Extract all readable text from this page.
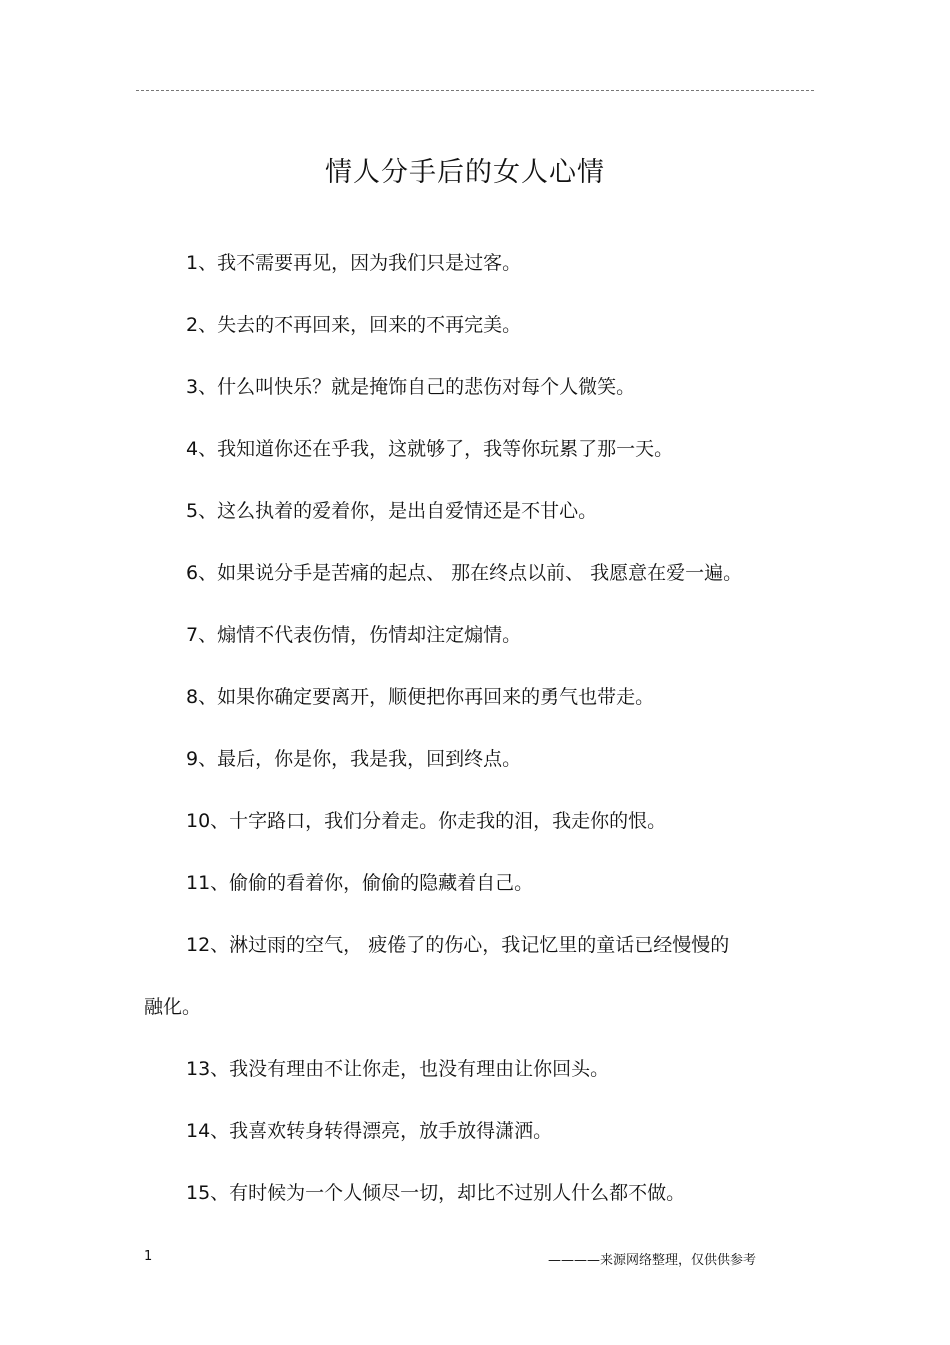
情人分手后的女人心情
1、我不需要再见，因为我们只是过客。
2、失去的不再回来，回来的不再完美。
3、什么叫快乐？就是掩饰自己的悲伤对每个人微笑。
4、我知道你还在乎我，这就够了，我等你玩累了那一天。
5、这么执着的爱着你，是出自爱情还是不甘心。
6、如果说分手是苦痛的起点、 那在终点以前、 我愿意在爱一遍。
7、煽情不代表伤情，伤情却注定煽情。
8、如果你确定要离开，顺便把你再回来的勇气也带走。
9、最后，你是你，我是我，回到终点。
10、十字路口，我们分着走。你走我的泪，我走你的恨。
11、偷偷的看着你，偷偷的隐藏着自己。
12、淋过雨的空气， 疲倦了的伤心，我记忆里的童话已经慢慢的
融化。
13、我没有理由不让你走，也没有理由让你回头。
14、我喜欢转身转得漂亮，放手放得潇洒。
15、有时候为一个人倾尽一切，却比不过别人什么都不做。
1	————来源网络整理，仅供供参考
